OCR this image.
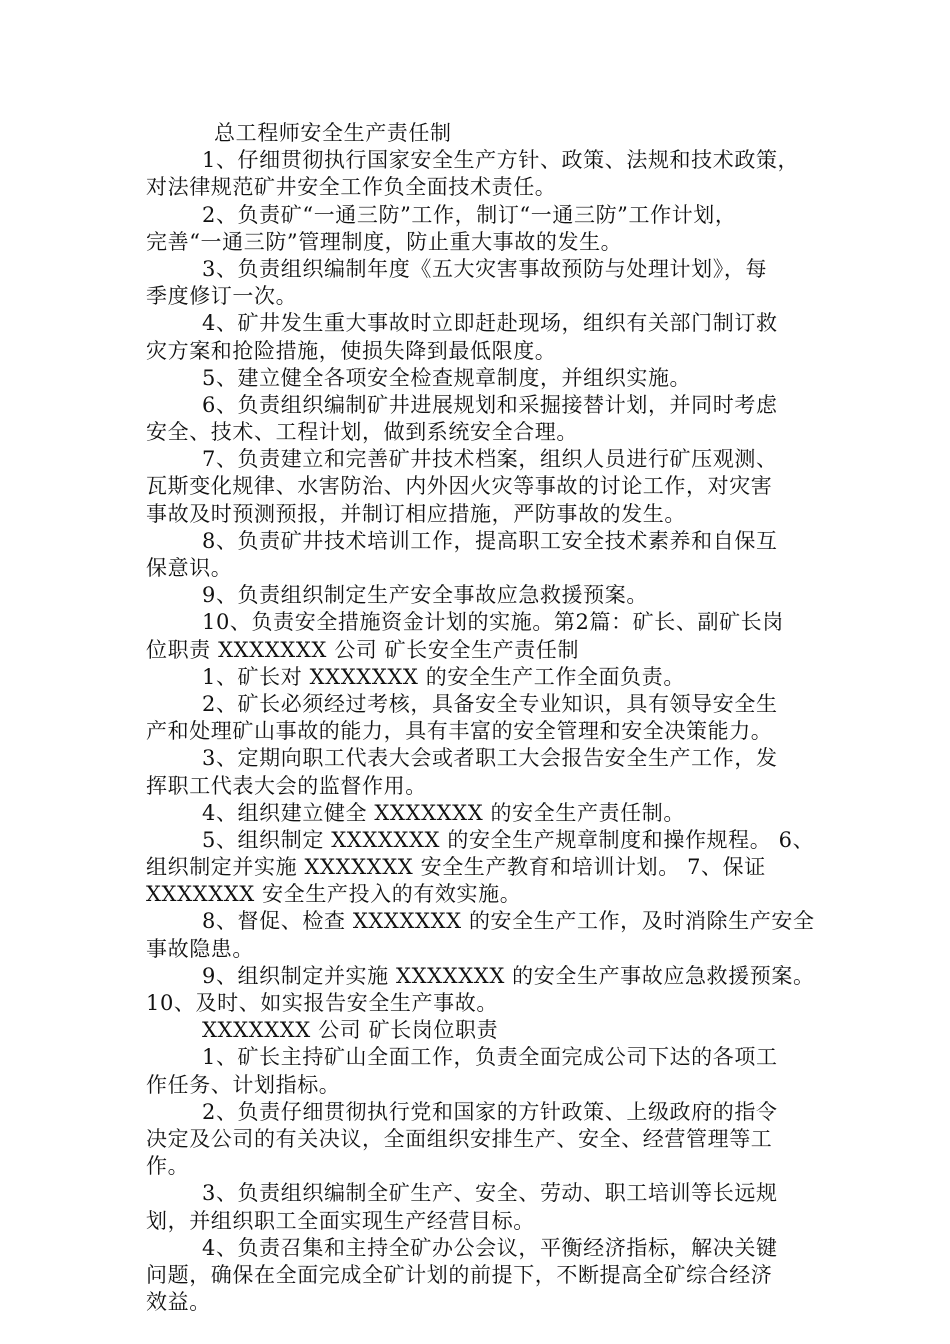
总工程师安全生产责任制
1、仔细贯彻执行国家安全生产方针、政策、法规和技术政策，
对法律规范矿井安全工作负全面技术责任。
2、负责矿“一通三防”工作，制订“一通三防”工作计划，
完善“一通三防”管理制度，防止重大事故的发生。
3、负责组织编制年度《五大灾害事故预防与处理计划》，每
季度修订一次。
4、矿井发生重大事故时立即赶赴现场，组织有关部门制订救
灾方案和抢险措施，使损失降到最低限度。
5、建立健全各项安全检查规章制度，并组织实施。
6、负责组织编制矿井进展规划和采掘接替计划，并同时考虑
安全、技术、工程计划，做到系统安全合理。
7、负责建立和完善矿井技术档案，组织人员进行矿压观测、
瓦斯变化规律、水害防治、内外因火灾等事故的讨论工作，对灾害
事故及时预测预报，并制订相应措施，严防事故的发生。
8、负责矿井技术培训工作，提高职工安全技术素养和自保互
保意识。
9、负责组织制定生产安全事故应急救援预案。
10、负责安全措施资金计划的实施。第2篇：矿长、副矿长岗
位职责 XXXXXXX 公司 矿长安全生产责任制
1、矿长对 XXXXXXX 的安全生产工作全面负责。
2、矿长必须经过考核，具备安全专业知识，具有领导安全生
产和处理矿山事故的能力，具有丰富的安全管理和安全决策能力。
3、定期向职工代表大会或者职工大会报告安全生产工作，发
挥职工代表大会的监督作用。
4、组织建立健全 XXXXXXX 的安全生产责任制。
5、组织制定 XXXXXXX 的安全生产规章制度和操作规程。 6、
组织制定并实施 XXXXXXX 安全生产教育和培训计划。 7、保证
XXXXXXX 安全生产投入的有效实施。
8、督促、检查 XXXXXXX 的安全生产工作，及时消除生产安全
事故隐患。
9、组织制定并实施 XXXXXXX 的安全生产事故应急救援预案。
10、及时、如实报告安全生产事故。
XXXXXXX 公司 矿长岗位职责
1、矿长主持矿山全面工作，负责全面完成公司下达的各项工
作任务、计划指标。
2、负责仔细贯彻执行党和国家的方针政策、上级政府的指令
决定及公司的有关决议，全面组织安排生产、安全、经营管理等工
作。
3、负责组织编制全矿生产、安全、劳动、职工培训等长远规
划，并组织职工全面实现生产经营目标。
4、负责召集和主持全矿办公会议，平衡经济指标，解决关键
问题，确保在全面完成全矿计划的前提下，不断提高全矿综合经济
效益。
